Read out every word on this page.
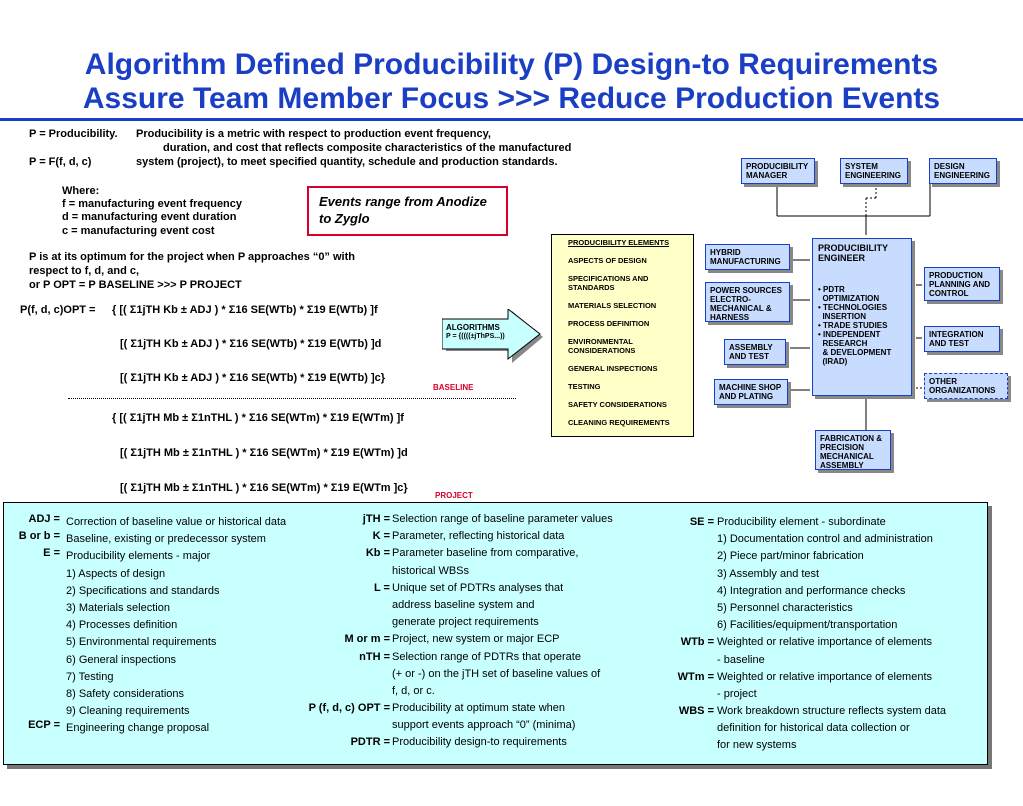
Algorithm Defined Producibility (P) Design-to Requirements
Assure Team Member Focus >>> Reduce Production Events
P = Producibility. Producibility is a metric with respect to production event frequency,
duration, and cost that reflects composite characteristics of the manufactured
P = F(f, d, c)	system (project), to meet specified quantity, schedule and production standards.
Where:
f = manufacturing event frequency
d = manufacturing event duration
c = manufacturing event cost
P is at its optimum for the project when P approaches “0” with
respect to f, d, and c,
or P OPT = P BASELINE >>> P PROJECT
Events range from Anodize to Zyglo
P(f, d, c)OPT = { [( Σ1jTH Kb ± ADJ ) * Σ16 SE(WTb) * Σ19 E(WTb) ]f
[( Σ1jTH Kb ± ADJ ) * Σ16 SE(WTb) * Σ19 E(WTb) ]d
[( Σ1jTH Kb ± ADJ ) * Σ16 SE(WTb) * Σ19 E(WTb) ]c}
BASELINE
{ [( Σ1jTH Mb ± Σ1nTHL ) * Σ16 SE(WTm) * Σ19 E(WTm) ]f
[( Σ1jTH Mb ± Σ1nTHL ) * Σ16 SE(WTm) * Σ19 E(WTm) ]d
[( Σ1jTH Mb ± Σ1nTHL ) * Σ16 SE(WTm) * Σ19 E(WTm ]c}
PROJECT
ALGORITHMS
P = {((((±jThPS...))
PRODUCIBILITY ELEMENTS
ASPECTS OF DESIGN
SPECIFICATIONS AND STANDARDS
MATERIALS SELECTION
PROCESS DEFINITION
ENVIRONMENTAL CONSIDERATIONS
GENERAL INSPECTIONS
TESTING
SAFETY CONSIDERATIONS
CLEANING REQUIREMENTS
PRODUCIBILITY MANAGER
SYSTEM ENGINEERING
DESIGN ENGINEERING
HYBRID MANUFACTURING
POWER SOURCES ELECTRO-MECHANICAL & HARNESS
ASSEMBLY AND TEST
MACHINE SHOP AND PLATING
PRODUCIBILITY ENGINEER
• PDTR
OPTIMIZATION
• TECHNOLOGIES
INSERTION
• TRADE STUDIES
• INDEPENDENT
RESEARCH
& DEVELOPMENT
(IRAD)
PRODUCTION PLANNING AND CONTROL
INTEGRATION AND TEST
OTHER ORGANIZATIONS
FABRICATION & PRECISION MECHANICAL ASSEMBLY
ADJ =
B or b =
E =
ECP =
Correction of baseline value or historical data
Baseline, existing or predecessor system
Producibility elements - major
1) Aspects of design
2) Specifications and standards
3) Materials selection
4) Processes definition
5) Environmental requirements
6) General inspections
7) Testing
8) Safety considerations
9) Cleaning requirements
Engineering change proposal
jTH =
K =
Kb =
L =
M or m =
nTH =
P (f, d, c) OPT =
PDTR =
Selection range of baseline parameter values
Parameter, reflecting historical data
Parameter baseline from comparative,
historical WBSs
Unique set of PDTRs analyses that
address baseline system and
generate project requirements
Project, new system or major ECP
Selection range of PDTRs that operate
(+ or -) on the jTH set of baseline values of
f, d, or c.
Producibility at optimum state when
support events approach “0” (minima)
Producibility design-to requirements
SE =
WTb =
WTm =
WBS =
Producibility element - subordinate
1) Documentation control and administration
2) Piece part/minor fabrication
3) Assembly and test
4) Integration and performance checks
5) Personnel characteristics
6) Facilities/equipment/transportation
Weighted or relative importance of elements
- baseline
Weighted or relative importance of elements
- project
Work breakdown structure reflects system data
definition for historical data collection or
for new systems
